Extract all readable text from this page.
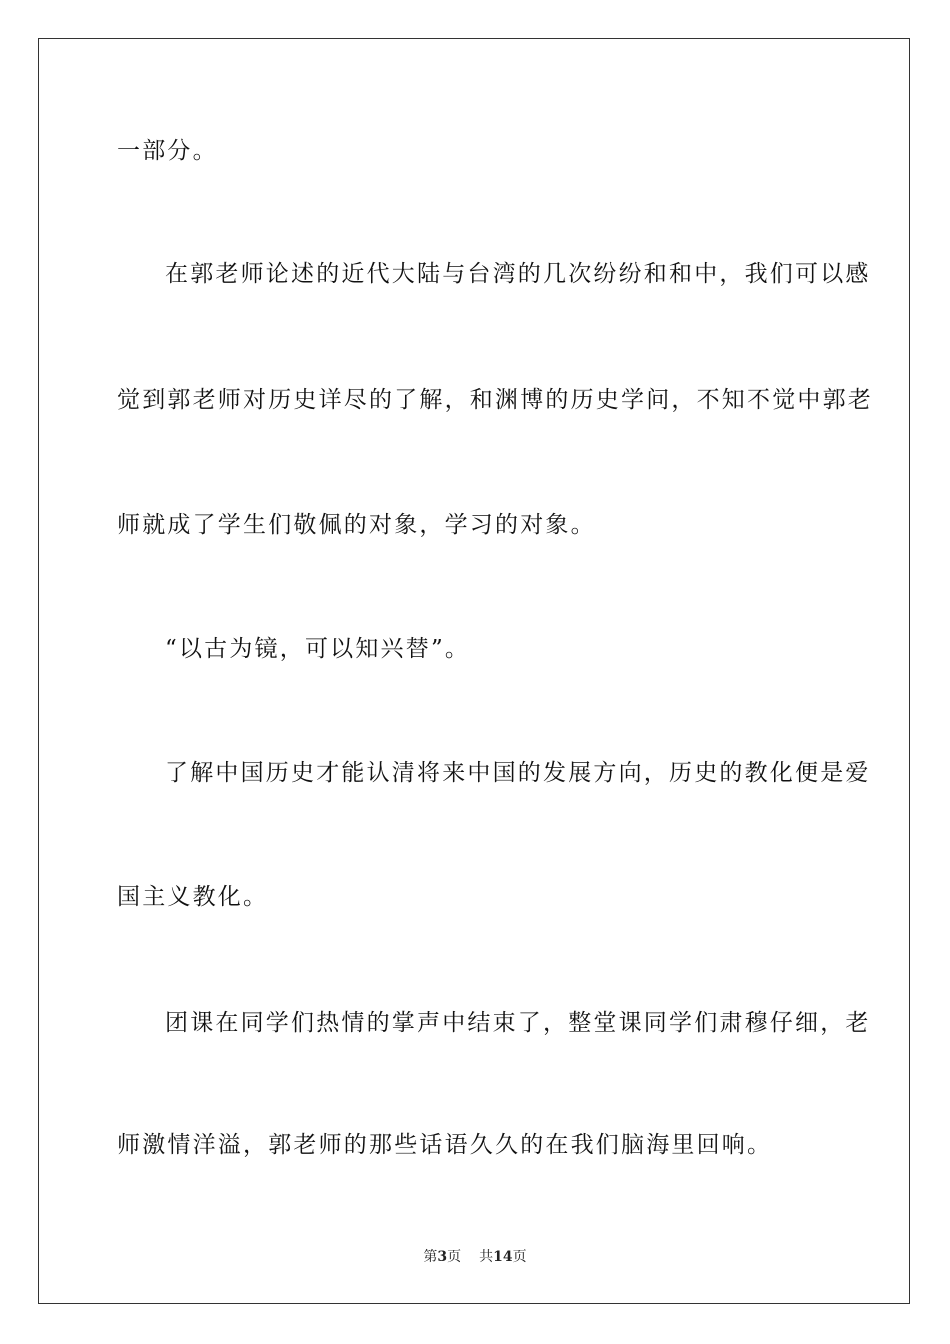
一部分。
在郭老师论述的近代大陆与台湾的几次纷纷和和中，我们可以感
觉到郭老师对历史详尽的了解，和渊博的历史学问，不知不觉中郭老
师就成了学生们敬佩的对象，学习的对象。
“以古为镜，可以知兴替”。
了解中国历史才能认清将来中国的发展方向，历史的教化便是爱
国主义教化。
团课在同学们热情的掌声中结束了，整堂课同学们肃穆仔细，老
师激情洋溢，郭老师的那些话语久久的在我们脑海里回响。
第3页 共14页
